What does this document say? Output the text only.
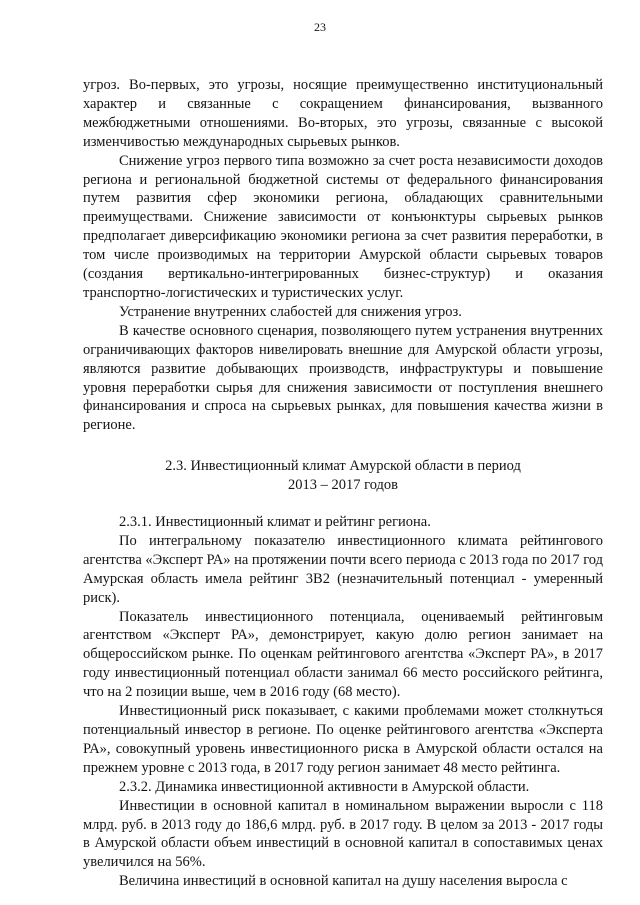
23

угроз. Во-первых, это угрозы, носящие преимущественно институциональный характер и связанные с сокращением финансирования, вызванного межбюджетными отношениями. Во-вторых, это угрозы, связанные с высокой изменчивостью международных сырьевых рынков.

Снижение угроз первого типа возможно за счет роста независимости доходов региона и региональной бюджетной системы от федерального финансирования путем развития сфер экономики региона, обладающих сравнительными преимуществами. Снижение зависимости от конъюнктуры сырьевых рынков предполагает диверсификацию экономики региона за счет развития переработки, в том числе производимых на территории Амурской области сырьевых товаров (создания вертикально-интегрированных бизнес-структур) и оказания транспортно-логистических и туристических услуг.

Устранение внутренних слабостей для снижения угроз.

В качестве основного сценария, позволяющего путем устранения внутренних ограничивающих факторов нивелировать внешние для Амурской области угрозы, являются развитие добывающих производств, инфраструктуры и повышение уровня переработки сырья для снижения зависимости от поступления внешнего финансирования и спроса на сырьевых рынках, для повышения качества жизни в регионе.

2.3. Инвестиционный климат Амурской области в период
2013 – 2017 годов

2.3.1. Инвестиционный климат и рейтинг региона.

По интегральному показателю инвестиционного климата рейтингового агентства «Эксперт РА» на протяжении почти всего периода с 2013 года по 2017 год Амурская область имела рейтинг 3В2 (незначительный потенциал - умеренный риск).

Показатель инвестиционного потенциала, оцениваемый рейтинговым агентством «Эксперт РА», демонстрирует, какую долю регион занимает на общероссийском рынке. По оценкам рейтингового агентства «Эксперт РА», в 2017 году инвестиционный потенциал области занимал 66 место российского рейтинга, что на 2 позиции выше, чем в 2016 году (68 место).

Инвестиционный риск показывает, с какими проблемами может столкнуться потенциальный инвестор в регионе. По оценке рейтингового агентства «Эксперта РА», совокупный уровень инвестиционного риска в Амурской области остался на прежнем уровне с 2013 года, в 2017 году регион занимает 48 место рейтинга.

2.3.2. Динамика инвестиционной активности в Амурской области.

Инвестиции в основной капитал в номинальном выражении выросли с 118 млрд. руб. в 2013 году до 186,6 млрд. руб. в 2017 году. В целом за 2013 - 2017 годы в Амурской области объем инвестиций в основной капитал в сопоставимых ценах увеличился на 56%.

Величина инвестиций в основной капитал на душу населения выросла с
